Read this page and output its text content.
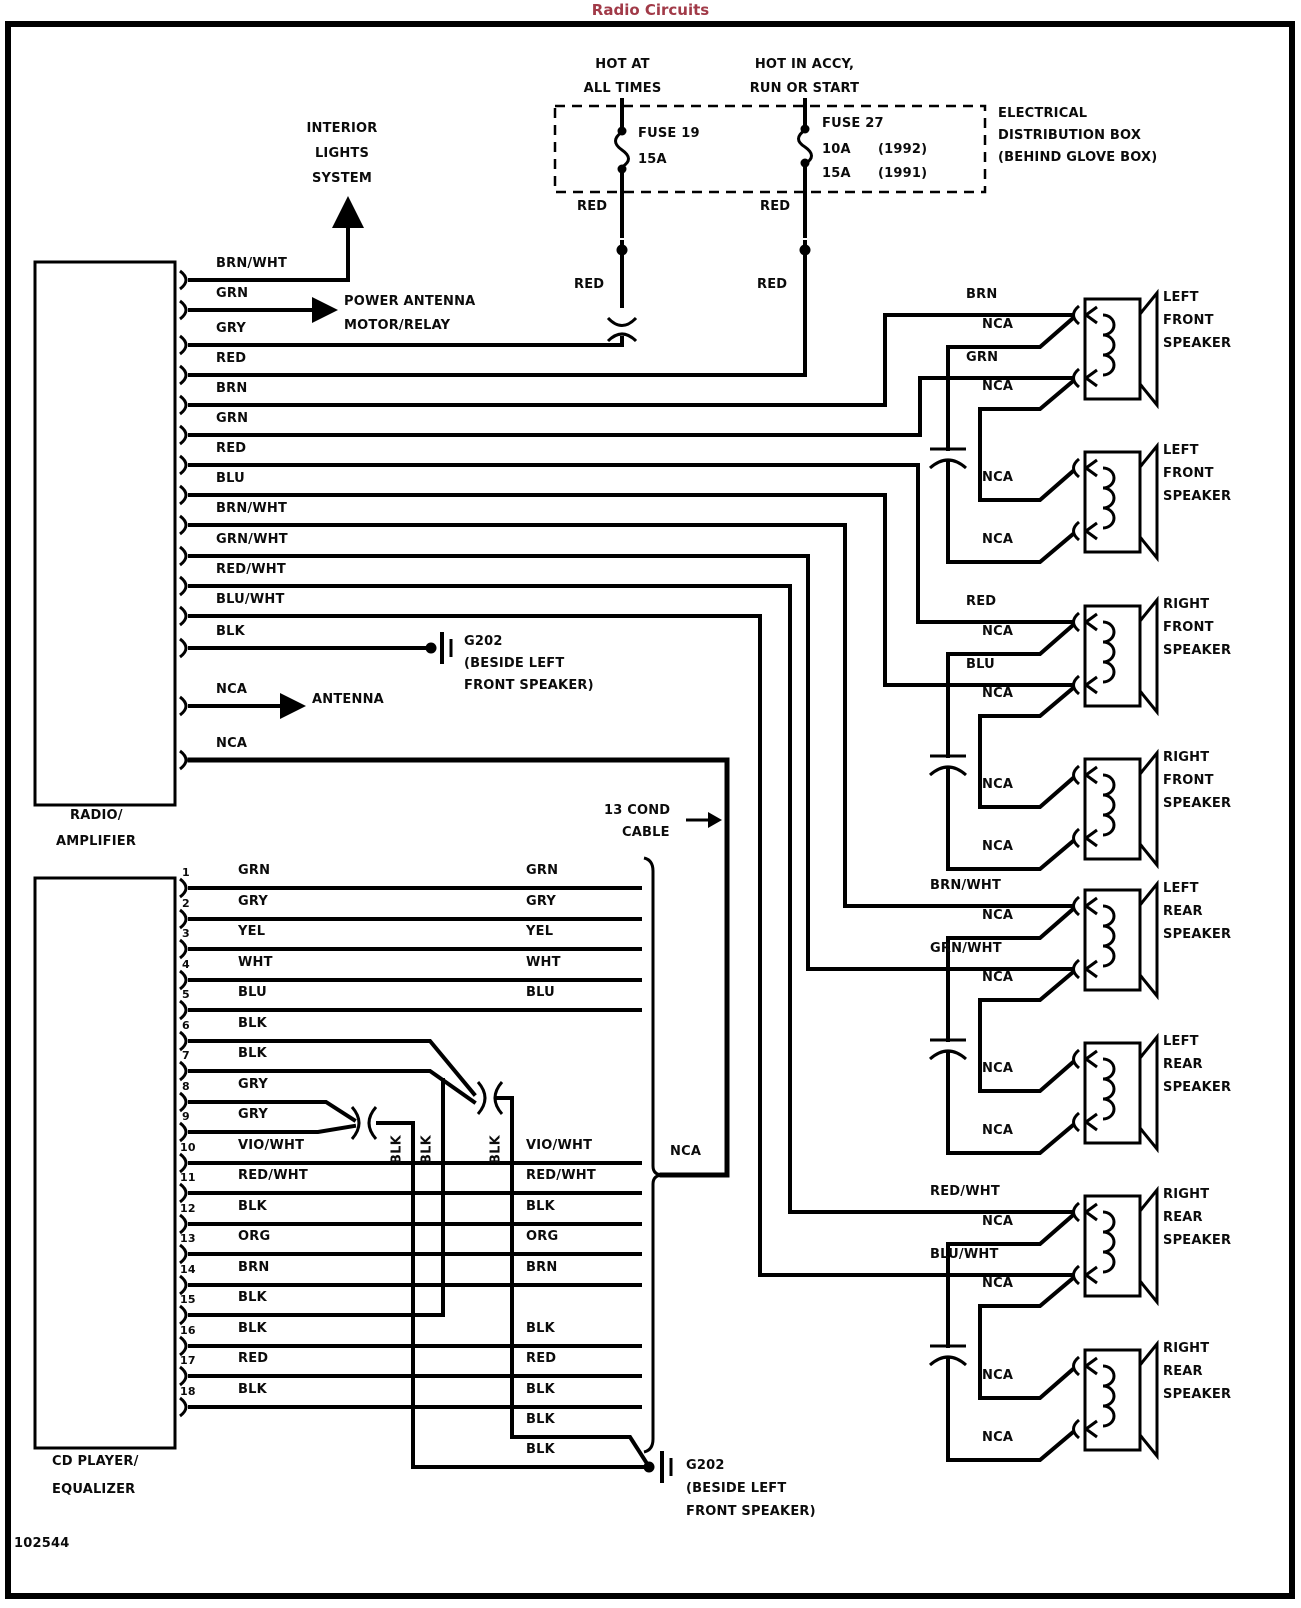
Radio Circuits
HOT AT
ALL TIMES
HOT IN ACCY,
RUN OR START
FUSE 19
15A
FUSE 27
10A (1992)
15A (1991)
ELECTRICAL
DISTRIBUTION BOX
(BEHIND GLOVE BOX)
RED
RED
RED
RED
INTERIOR
LIGHTS
SYSTEM
POWER ANTENNA
MOTOR/RELAY
ANTENNA
G202
(BESIDE LEFT
FRONT SPEAKER)
13 COND
CABLE
NCA
BRN/WHT
GRN
GRY
RED
BRN
GRN
RED
BLU
BRN/WHT
GRN/WHT
RED/WHT
BLU/WHT
BLK
NCA
NCA
RADIO/
AMPLIFIER
1
2
3
4
5
6
7
8
9
10
11
12
13
14
15
16
17
18
GRN
GRY
YEL
WHT
BLU
BLK
BLK
GRY
GRY
VIO/WHT
RED/WHT
BLK
ORG
BRN
BLK
BLK
RED
BLK
GRN
GRY
YEL
WHT
BLU
VIO/WHT
RED/WHT
BLK
ORG
BRN
BLK
RED
BLK
BLK
BLK
BLK BLK	BLK
CD PLAYER/
EQUALIZER
102544
G202
(BESIDE LEFT
FRONT SPEAKER)
LEFT
FRONT
SPEAKER
BRN
NCA
GRN
NCA
LEFT
FRONT
SPEAKER
NCA
NCA
RIGHT
FRONT
SPEAKER
RED
NCA
BLU
NCA
RIGHT
FRONT
SPEAKER
NCA
NCA
LEFT
REAR
SPEAKER
BRN/WHT
NCA
GRN/WHT
NCA
LEFT
REAR
SPEAKER
NCA
NCA
RIGHT
REAR
SPEAKER
RED/WHT
NCA
BLU/WHT
NCA
RIGHT
REAR
SPEAKER
NCA
NCA
